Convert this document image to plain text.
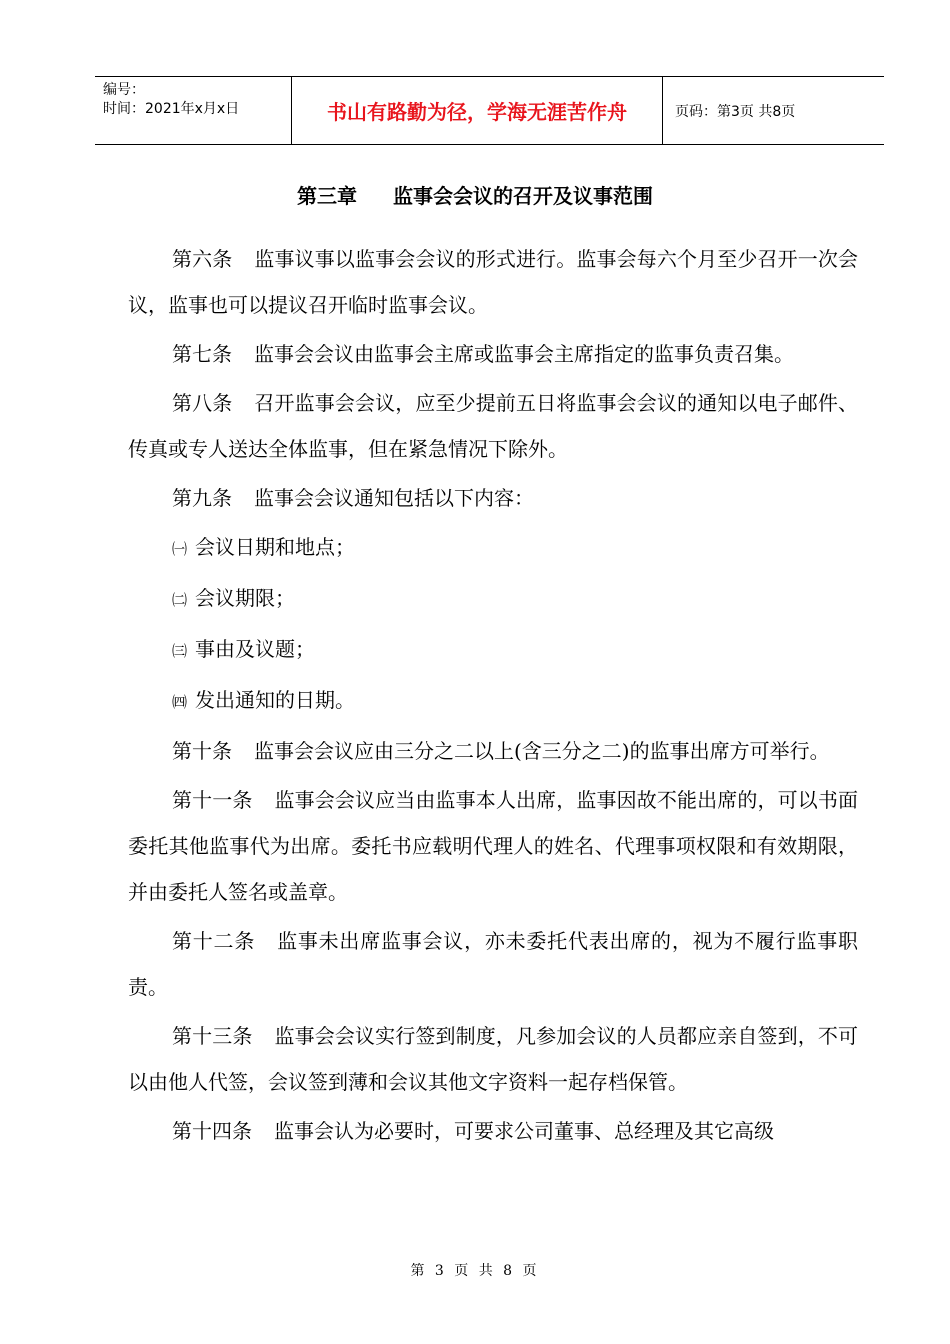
编号：
时间：2021年x月x日	书山有路勤为径，学海无涯苦作舟	页码：第3页 共8页
第三章 监事会会议的召开及议事范围

第六条 监事议事以监事会会议的形式进行。监事会每六个月至少召开一次会议，监事也可以提议召开临时监事会议。

第七条 监事会会议由监事会主席或监事会主席指定的监事负责召集。

第八条 召开监事会会议，应至少提前五日将监事会会议的通知以电子邮件、传真或专人送达全体监事，但在紧急情况下除外。

第九条 监事会会议通知包括以下内容：

㈠ 会议日期和地点；

㈡ 会议期限；

㈢ 事由及议题；

㈣ 发出通知的日期。

第十条 监事会会议应由三分之二以上(含三分之二)的监事出席方可举行。

第十一条 监事会会议应当由监事本人出席，监事因故不能出席的，可以书面委托其他监事代为出席。委托书应载明代理人的姓名、代理事项权限和有效期限，并由委托人签名或盖章。

第十二条 监事未出席监事会议，亦未委托代表出席的，视为不履行监事职责。

第十三条 监事会会议实行签到制度，凡参加会议的人员都应亲自签到，不可以由他人代签，会议签到薄和会议其他文字资料一起存档保管。

第十四条 监事会认为必要时，可要求公司董事、总经理及其它高级

第 3 页 共 8 页
